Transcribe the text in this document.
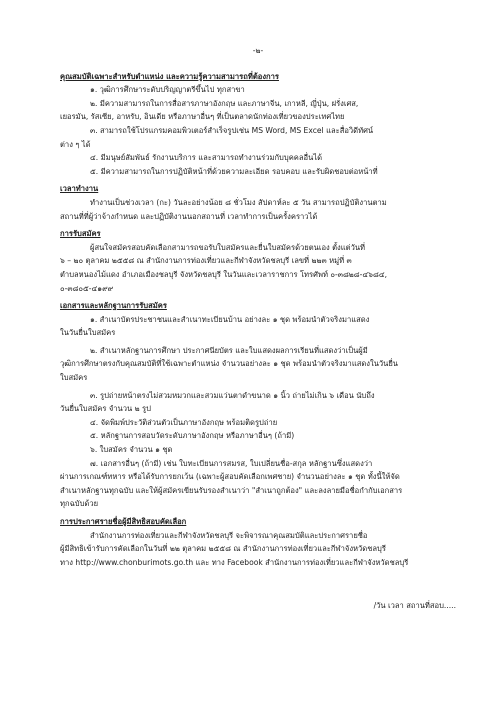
-๒-
คุณสมบัติเฉพาะสำหรับตำแหน่ง และความรู้ความสามารถที่ต้องการ

๑. วุฒิการศึกษาระดับปริญญาตรีขึ้นไป ทุกสาขา

๒. มีความสามารถในการสื่อสารภาษาอังกฤษ และภาษาจีน, เกาหลี, ญี่ปุ่น, ฝรั่งเศส,

เยอรมัน, รัสเซีย, อาหรับ, อินเดีย หรือภาษาอื่นๆ ที่เป็นตลาดนักท่องเที่ยวของประเทศไทย

๓. สามารถใช้โปรแกรมคอมพิวเตอร์สำเร็จรูปเช่น MS Word, MS Excel และสื่อวิดีทัศน์

ต่าง ๆ ได้

๔. มีมนุษย์สัมพันธ์ รักงานบริการ และสามารถทำงานร่วมกับบุคคลอื่นได้

๕. มีความสามารถในการปฏิบัติหน้าที่ด้วยความละเอียด รอบคอบ และรับผิดชอบต่อหน้าที่

เวลาทำงาน

ทำงานเป็นช่วงเวลา (กะ) วันละอย่างน้อย ๘ ชั่วโมง สัปดาห์ละ ๕ วัน สามารถปฏิบัติงานตาม

สถานที่ที่ผู้ว่าจ้างกำหนด และปฏิบัติงานนอกสถานที่ เวลาทำการเป็นครั้งคราวได้

การรับสมัคร

ผู้สนใจสมัครสอบคัดเลือกสามารถขอรับใบสมัครและยื่นใบสมัครด้วยตนเอง ตั้งแต่วันที่

๖ – ๒๐ ตุลาคม ๒๕๕๘ ณ สำนักงานการท่องเที่ยวและกีฬาจังหวัดชลบุรี เลขที่ ๒๒๓ หมู่ที่ ๓

ตำบลหนองไม้แดง อำเภอเมืองชลบุรี จังหวัดชลบุรี ในวันและเวลาราชการ โทรศัพท์ ๐-๓๘๒๘-๔๖๘๔,

๐-๓๘๐๕-๔๑๙๙

เอกสารและหลักฐานการรับสมัคร

๑. สำเนาบัตรประชาชนและสำเนาทะเบียนบ้าน อย่างละ ๑ ชุด พร้อมนำตัวจริงมาแสดง

ในวันยื่นใบสมัคร

๒. สำเนาหลักฐานการศึกษา ประกาศนียบัตร และใบแสดงผลการเรียนที่แสดงว่าเป็นผู้มี

วุฒิการศึกษาตรงกับคุณสมบัติที่ใช้เฉพาะตำแหน่ง จำนวนอย่างละ ๑ ชุด พร้อมนำตัวจริงมาแสดงในวันยื่น

ใบสมัคร

๓. รูปถ่ายหน้าตรงไม่สวมหมวกและสวมแว่นตาดำขนาด ๑ นิ้ว ถ่ายไม่เกิน ๖ เดือน นับถึง

วันยื่นใบสมัคร จำนวน ๒ รูป

๔. จัดพิมพ์ประวัติส่วนตัวเป็นภาษาอังกฤษ พร้อมติดรูปถ่าย

๕. หลักฐานการสอบวัดระดับภาษาอังกฤษ หรือภาษาอื่นๆ (ถ้ามี)

๖. ใบสมัคร จำนวน ๑ ชุด

๗. เอกสารอื่นๆ (ถ้ามี) เช่น ใบทะเบียนการสมรส, ใบเปลี่ยนชื่อ-สกุล หลักฐานซึ่งแสดงว่า

ผ่านการเกณฑ์ทหาร หรือได้รับการยกเว้น (เฉพาะผู้สอบคัดเลือกเพศชาย) จำนวนอย่างละ ๑ ชุด ทั้งนี้ให้จัด

สำเนาหลักฐานทุกฉบับ และให้ผู้สมัครเขียนรับรองสำเนาว่า "สำเนาถูกต้อง" และลงลายมือชื่อกำกับเอกสาร

ทุกฉบับด้วย

การประกาศรายชื่อผู้มีสิทธิสอบคัดเลือก

สำนักงานการท่องเที่ยวและกีฬาจังหวัดชลบุรี จะพิจารณาคุณสมบัติและประกาศรายชื่อ

ผู้มีสิทธิเข้ารับการคัดเลือกในวันที่ ๒๒ ตุลาคม ๒๕๕๘ ณ สำนักงานการท่องเที่ยวและกีฬาจังหวัดชลบุรี

ทาง http://www.chonburimots.go.th และ ทาง Facebook สำนักงานการท่องเที่ยวและกีฬาจังหวัดชลบุรี

/วัน เวลา สถานที่สอบ.....
